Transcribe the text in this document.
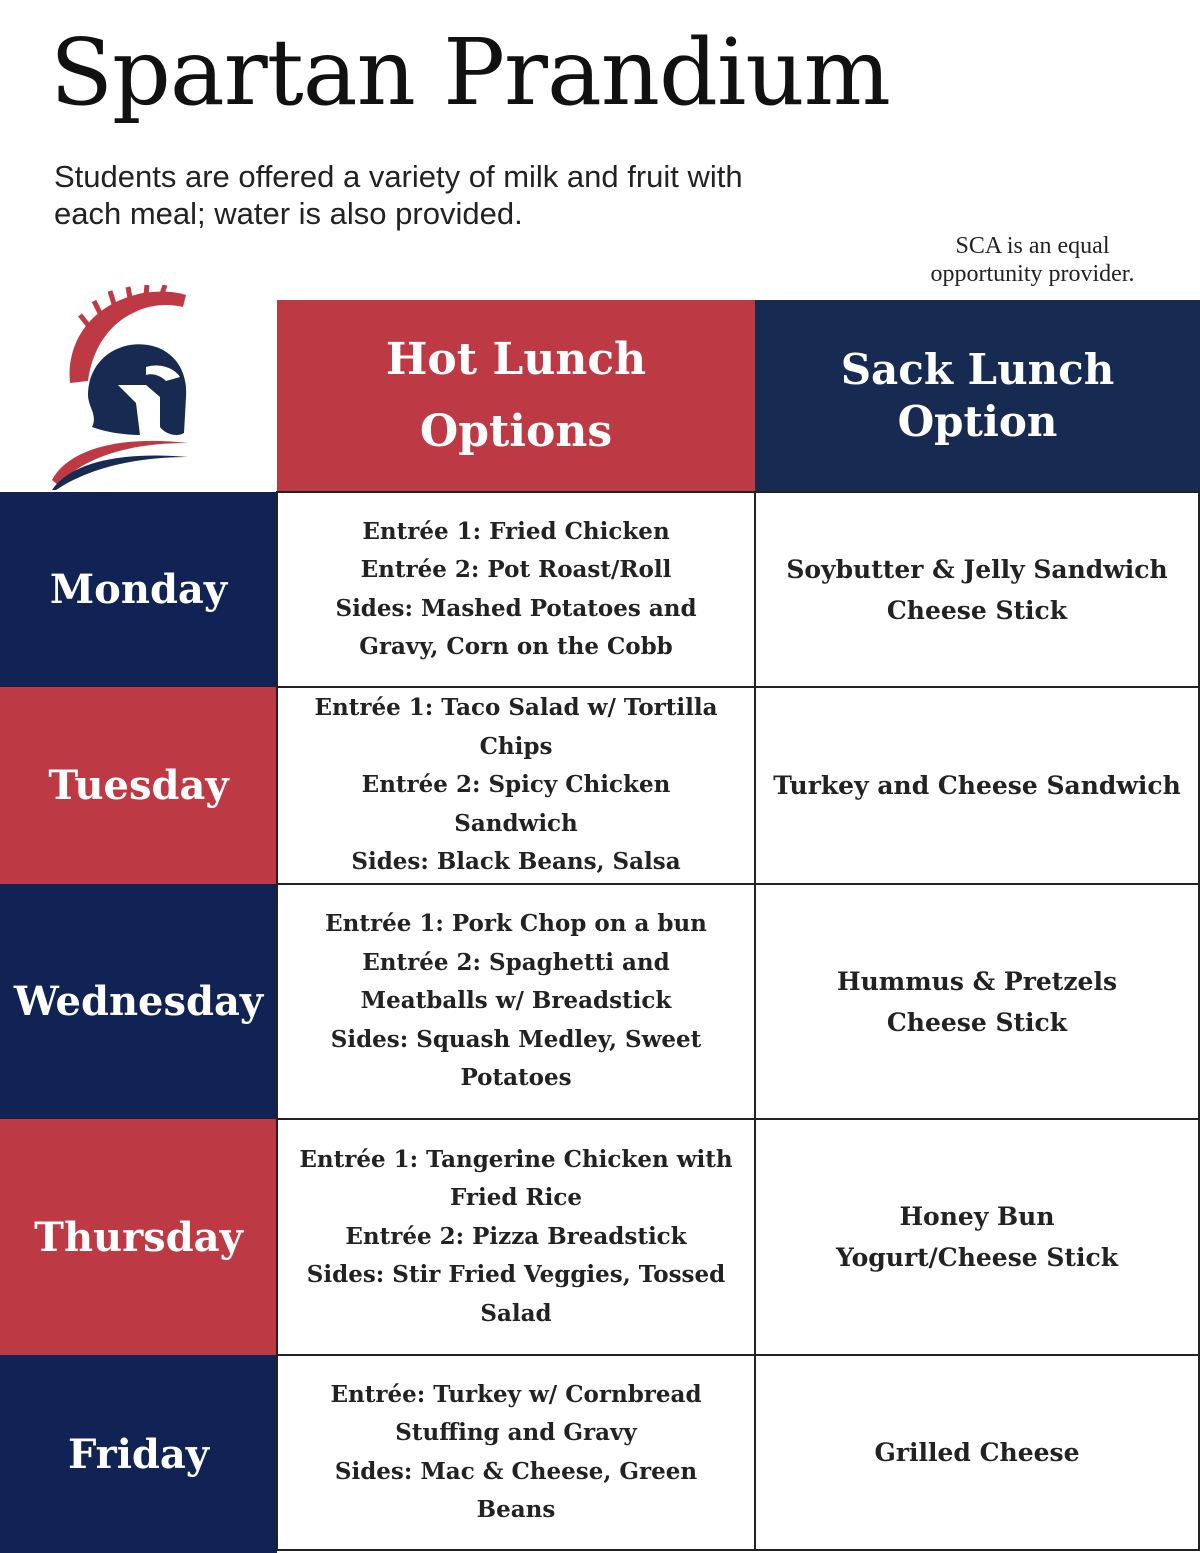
Spartan Prandium
Students are offered a variety of milk and fruit with each meal; water is also provided.
SCA is an equal
opportunity provider.
Hot Lunch
Options
Sack Lunch Option
Monday
Entrée 1: Fried Chicken
Entrée 2: Pot Roast/Roll
Sides: Mashed Potatoes and Gravy, Corn on the Cobb
Soybutter & Jelly Sandwich
Cheese Stick
Tuesday
Entrée 1: Taco Salad w/ Tortilla Chips
Entrée 2: Spicy Chicken Sandwich
Sides: Black Beans, Salsa
Turkey and Cheese Sandwich
Wednesday
Entrée 1: Pork Chop on a bun
Entrée 2: Spaghetti and Meatballs w/ Breadstick
Sides: Squash Medley, Sweet Potatoes
Hummus & Pretzels
Cheese Stick
Thursday
Entrée 1: Tangerine Chicken with Fried Rice
Entrée 2: Pizza Breadstick
Sides: Stir Fried Veggies, Tossed Salad
Honey Bun
Yogurt/Cheese Stick
Friday
Entrée: Turkey w/ Cornbread Stuffing and Gravy
Sides: Mac & Cheese, Green Beans
Grilled Cheese
